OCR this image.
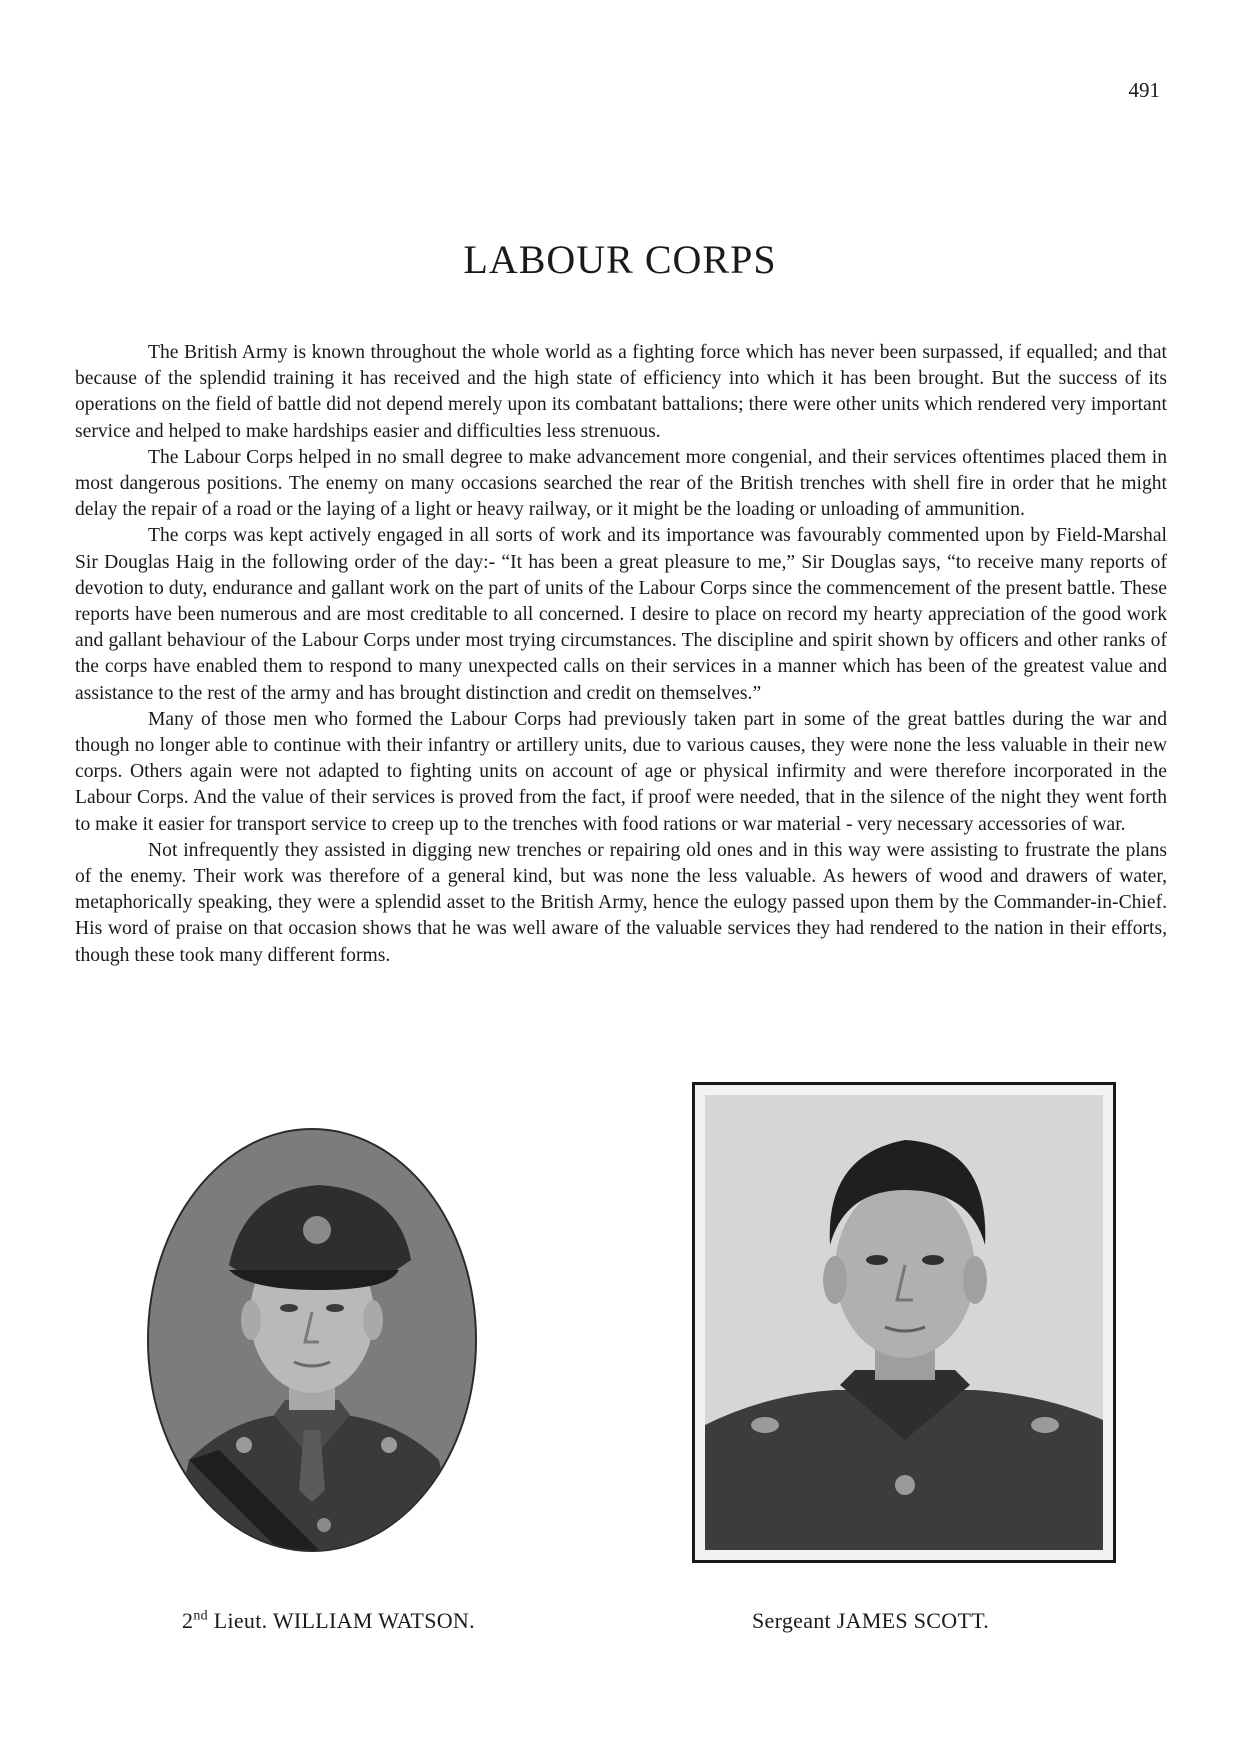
491
LABOUR CORPS

The British Army is known throughout the whole world as a fighting force which has never been surpassed, if equalled; and that because of the splendid training it has received and the high state of efficiency into which it has been brought. But the success of its operations on the field of battle did not depend merely upon its combatant battalions; there were other units which rendered very important service and helped to make hardships easier and difficulties less strenuous.

The Labour Corps helped in no small degree to make advancement more congenial, and their services oftentimes placed them in most dangerous positions. The enemy on many occasions searched the rear of the British trenches with shell fire in order that he might delay the repair of a road or the laying of a light or heavy railway, or it might be the loading or unloading of ammunition.

The corps was kept actively engaged in all sorts of work and its importance was favourably commented upon by Field-Marshal Sir Douglas Haig in the following order of the day:- “It has been a great pleasure to me,” Sir Douglas says, “to receive many reports of devotion to duty, endurance and gallant work on the part of units of the Labour Corps since the commencement of the present battle. These reports have been numerous and are most creditable to all concerned. I desire to place on record my hearty appreciation of the good work and gallant behaviour of the Labour Corps under most trying circumstances. The discipline and spirit shown by officers and other ranks of the corps have enabled them to respond to many unexpected calls on their services in a manner which has been of the greatest value and assistance to the rest of the army and has brought distinction and credit on themselves.”

Many of those men who formed the Labour Corps had previously taken part in some of the great battles during the war and though no longer able to continue with their infantry or artillery units, due to various causes, they were none the less valuable in their new corps. Others again were not adapted to fighting units on account of age or physical infirmity and were therefore incorporated in the Labour Corps. And the value of their services is proved from the fact, if proof were needed, that in the silence of the night they went forth to make it easier for transport service to creep up to the trenches with food rations or war material - very necessary accessories of war.

Not infrequently they assisted in digging new trenches or repairing old ones and in this way were assisting to frustrate the plans of the enemy. Their work was therefore of a general kind, but was none the less valuable. As hewers of wood and drawers of water, metaphorically speaking, they were a splendid asset to the British Army, hence the eulogy passed upon them by the Commander-in-Chief. His word of praise on that occasion shows that he was well aware of the valuable services they had rendered to the nation in their efforts, though these took many different forms.

2nd Lieut. WILLIAM WATSON.	Sergeant JAMES SCOTT.
